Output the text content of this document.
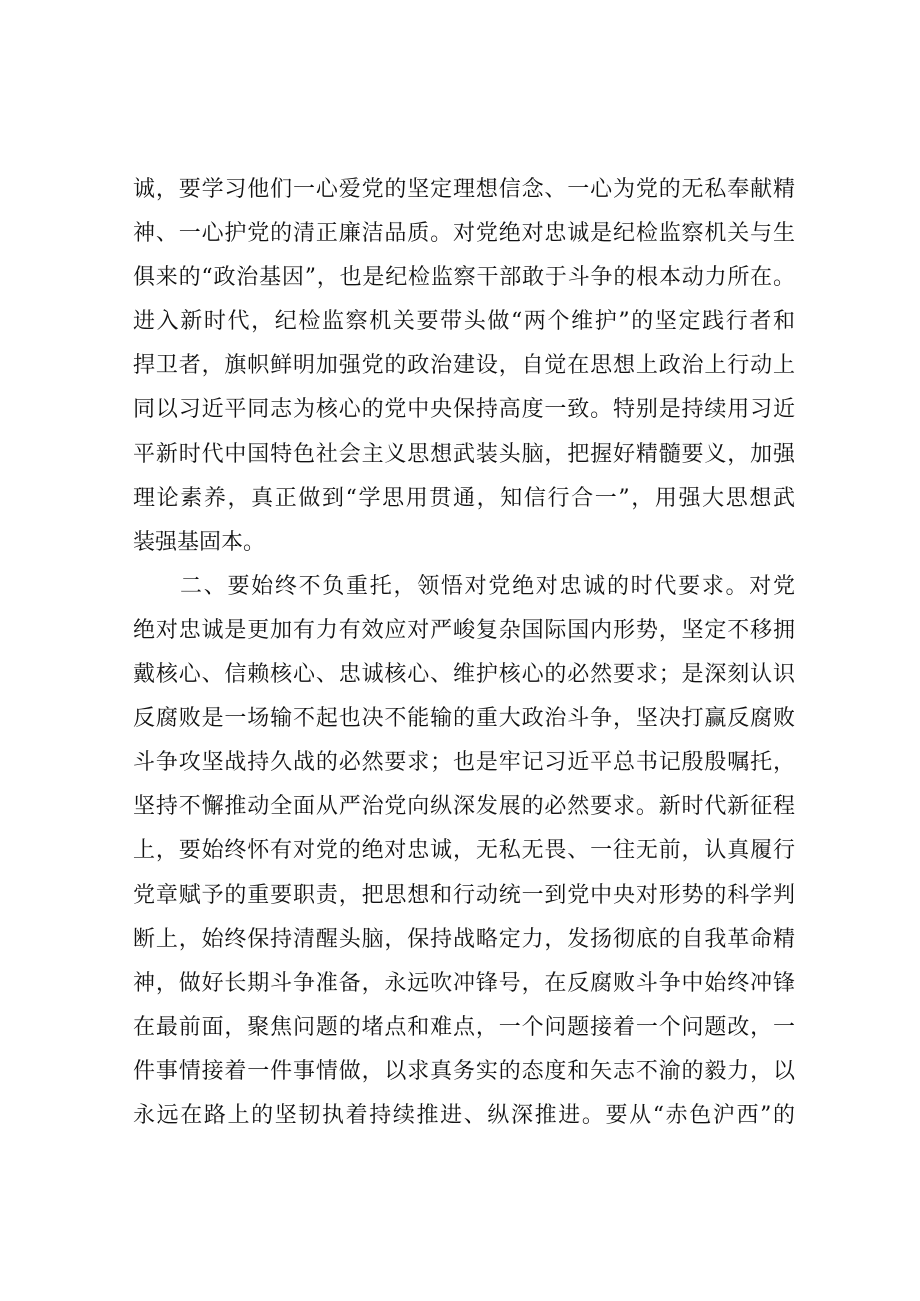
诚，要学习他们一心爱党的坚定理想信念、一心为党的无私奉献精
神、一心护党的清正廉洁品质。对党绝对忠诚是纪检监察机关与生
俱来的“政治基因”，也是纪检监察干部敢于斗争的根本动力所在。
进入新时代，纪检监察机关要带头做“两个维护”的坚定践行者和
捍卫者，旗帜鲜明加强党的政治建设，自觉在思想上政治上行动上
同以习近平同志为核心的党中央保持高度一致。特别是持续用习近
平新时代中国特色社会主义思想武装头脑，把握好精髓要义，加强
理论素养，真正做到“学思用贯通，知信行合一”，用强大思想武
装强基固本。
二、要始终不负重托，领悟对党绝对忠诚的时代要求。对党
绝对忠诚是更加有力有效应对严峻复杂国际国内形势，坚定不移拥
戴核心、信赖核心、忠诚核心、维护核心的必然要求；是深刻认识
反腐败是一场输不起也决不能输的重大政治斗争，坚决打赢反腐败
斗争攻坚战持久战的必然要求；也是牢记习近平总书记殷殷嘱托，
坚持不懈推动全面从严治党向纵深发展的必然要求。新时代新征程
上，要始终怀有对党的绝对忠诚，无私无畏、一往无前，认真履行
党章赋予的重要职责，把思想和行动统一到党中央对形势的科学判
断上，始终保持清醒头脑，保持战略定力，发扬彻底的自我革命精
神，做好长期斗争准备，永远吹冲锋号，在反腐败斗争中始终冲锋
在最前面，聚焦问题的堵点和难点，一个问题接着一个问题改，一
件事情接着一件事情做，以求真务实的态度和矢志不渝的毅力，以
永远在路上的坚韧执着持续推进、纵深推进。要从“赤色沪西”的
